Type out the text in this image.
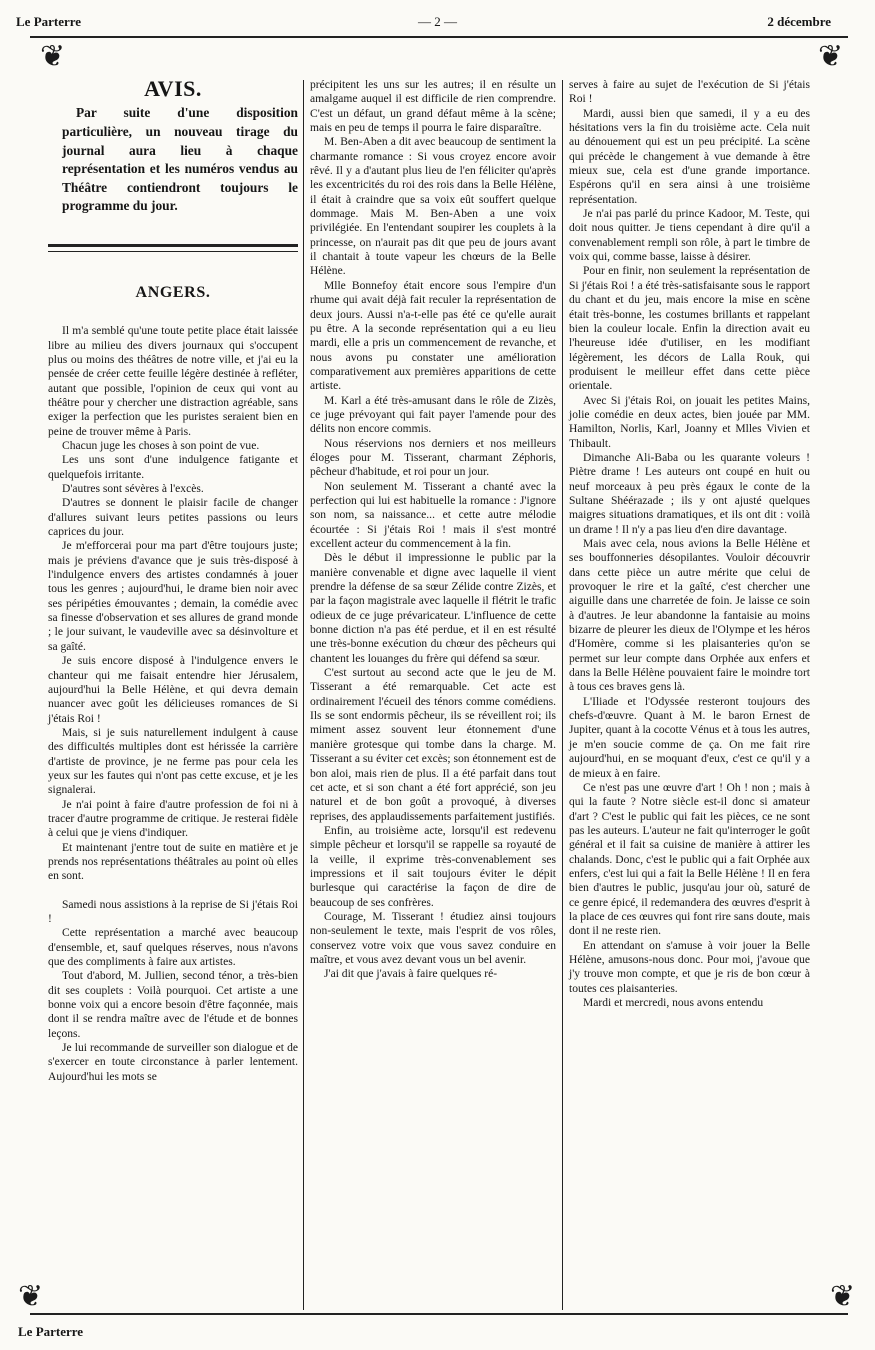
Le Parterre	— 2 —	2 décembre
❦	❦
❦	❦
AVIS.

Par suite d'une disposition particulière, un nouveau tirage du journal aura lieu à chaque représentation et les numéros vendus au Théâtre contiendront toujours le programme du jour.

ANGERS.

Il m'a semblé qu'une toute petite place était laissée libre au milieu des divers journaux qui s'occupent plus ou moins des théâtres de notre ville, et j'ai eu la pensée de créer cette feuille légère destinée à refléter, autant que possible, l'opinion de ceux qui vont au théâtre pour y chercher une distraction agréable, sans exiger la perfection que les puristes seraient bien en peine de trouver même à Paris.

Chacun juge les choses à son point de vue.

Les uns sont d'une indulgence fatigante et quelquefois irritante.

D'autres sont sévères à l'excès.

D'autres se donnent le plaisir facile de changer d'allures suivant leurs petites passions ou leurs caprices du jour.

Je m'efforcerai pour ma part d'être toujours juste; mais je préviens d'avance que je suis très-disposé à l'indulgence envers des artistes condamnés à jouer tous les genres ; aujourd'hui, le drame bien noir avec ses péripéties émouvantes ; demain, la comédie avec sa finesse d'observation et ses allures de grand monde ; le jour suivant, le vaudeville avec sa désinvolture et sa gaîté.

Je suis encore disposé à l'indulgence envers le chanteur qui me faisait entendre hier Jérusalem, aujourd'hui la Belle Hélène, et qui devra demain nuancer avec goût les délicieuses romances de Si j'étais Roi !

Mais, si je suis naturellement indulgent à cause des difficultés multiples dont est hérissée la carrière d'artiste de province, je ne ferme pas pour cela les yeux sur les fautes qui n'ont pas cette excuse, et je les signalerai.

Je n'ai point à faire d'autre profession de foi ni à tracer d'autre programme de critique. Je resterai fidèle à celui que je viens d'indiquer.

Et maintenant j'entre tout de suite en matière et je prends nos représentations théâtrales au point où elles en sont.

Samedi nous assistions à la reprise de Si j'étais Roi !

Cette représentation a marché avec beaucoup d'ensemble, et, sauf quelques réserves, nous n'avons que des compliments à faire aux artistes.

Tout d'abord, M. Jullien, second ténor, a très-bien dit ses couplets : Voilà pourquoi. Cet artiste a une bonne voix qui a encore besoin d'être façonnée, mais dont il se rendra maître avec de l'étude et de bonnes leçons.

Je lui recommande de surveiller son dialogue et de s'exercer en toute circonstance à parler lentement. Aujourd'hui les mots se

précipitent les uns sur les autres; il en résulte un amalgame auquel il est difficile de rien comprendre. C'est un défaut, un grand défaut même à la scène; mais en peu de temps il pourra le faire disparaître.

M. Ben-Aben a dit avec beaucoup de sentiment la charmante romance : Si vous croyez encore avoir rêvé. Il y a d'autant plus lieu de l'en féliciter qu'après les excentricités du roi des rois dans la Belle Hélène, il était à craindre que sa voix eût souffert quelque dommage. Mais M. Ben-Aben a une voix privilégiée. En l'entendant soupirer les couplets à la princesse, on n'aurait pas dit que peu de jours avant il chantait à toute vapeur les chœurs de la Belle Hélène.

Mlle Bonnefoy était encore sous l'empire d'un rhume qui avait déjà fait reculer la représentation de deux jours. Aussi n'a-t-elle pas été ce qu'elle aurait pu être. A la seconde représentation qui a eu lieu mardi, elle a pris un commencement de revanche, et nous avons pu constater une amélioration comparativement aux premières apparitions de cette artiste.

M. Karl a été très-amusant dans le rôle de Zizès, ce juge prévoyant qui fait payer l'amende pour des délits non encore commis.

Nous réservions nos derniers et nos meilleurs éloges pour M. Tisserant, charmant Zéphoris, pêcheur d'habitude, et roi pour un jour.

Non seulement M. Tisserant a chanté avec la perfection qui lui est habituelle la romance : J'ignore son nom, sa naissance... et cette autre mélodie écourtée : Si j'étais Roi ! mais il s'est montré excellent acteur du commencement à la fin.

Dès le début il impressionne le public par la manière convenable et digne avec laquelle il vient prendre la défense de sa sœur Zélide contre Zizès, et par la façon magistrale avec laquelle il flétrit le trafic odieux de ce juge prévaricateur. L'influence de cette bonne diction n'a pas été perdue, et il en est résulté une très-bonne exécution du chœur des pêcheurs qui chantent les louanges du frère qui défend sa sœur.

C'est surtout au second acte que le jeu de M. Tisserant a été remarquable. Cet acte est ordinairement l'écueil des ténors comme comédiens. Ils se sont endormis pêcheur, ils se réveillent roi; ils miment assez souvent leur étonnement d'une manière grotesque qui tombe dans la charge. M. Tisserant a su éviter cet excès; son étonnement est de bon aloi, mais rien de plus. Il a été parfait dans tout cet acte, et si son chant a été fort apprécié, son jeu naturel et de bon goût a provoqué, à diverses reprises, des applaudissements parfaitement justifiés.

Enfin, au troisième acte, lorsqu'il est redevenu simple pêcheur et lorsqu'il se rappelle sa royauté de la veille, il exprime très-convenablement ses impressions et il sait toujours éviter le dépit burlesque qui caractérise la façon de dire de beaucoup de ses confrères.

Courage, M. Tisserant ! étudiez ainsi toujours non-seulement le texte, mais l'esprit de vos rôles, conservez votre voix que vous savez conduire en maître, et vous avez devant vous un bel avenir.

J'ai dit que j'avais à faire quelques ré-

serves à faire au sujet de l'exécution de Si j'étais Roi !

Mardi, aussi bien que samedi, il y a eu des hésitations vers la fin du troisième acte. Cela nuit au dénouement qui est un peu précipité. La scène qui précède le changement à vue demande à être mieux sue, cela est d'une grande importance. Espérons qu'il en sera ainsi à une troisième représentation.

Je n'ai pas parlé du prince Kadoor, M. Teste, qui doit nous quitter. Je tiens cependant à dire qu'il a convenablement rempli son rôle, à part le timbre de voix qui, comme basse, laisse à désirer.

Pour en finir, non seulement la représentation de Si j'étais Roi ! a été très-satisfaisante sous le rapport du chant et du jeu, mais encore la mise en scène était très-bonne, les costumes brillants et rappelant bien la couleur locale. Enfin la direction avait eu l'heureuse idée d'utiliser, en les modifiant légèrement, les décors de Lalla Rouk, qui produisent le meilleur effet dans cette pièce orientale.

Avec Si j'étais Roi, on jouait les petites Mains, jolie comédie en deux actes, bien jouée par MM. Hamilton, Norlis, Karl, Joanny et Mlles Vivien et Thibault.

Dimanche Ali-Baba ou les quarante voleurs ! Piètre drame ! Les auteurs ont coupé en huit ou neuf morceaux à peu près égaux le conte de la Sultane Shéérazade ; ils y ont ajusté quelques maigres situations dramatiques, et ils ont dit : voilà un drame ! Il n'y a pas lieu d'en dire davantage.

Mais avec cela, nous avions la Belle Hélène et ses bouffonneries désopilantes. Vouloir découvrir dans cette pièce un autre mérite que celui de provoquer le rire et la gaîté, c'est chercher une aiguille dans une charretée de foin. Je laisse ce soin à d'autres. Je leur abandonne la fantaisie au moins bizarre de pleurer les dieux de l'Olympe et les héros d'Homère, comme si les plaisanteries qu'on se permet sur leur compte dans Orphée aux enfers et dans la Belle Hélène pouvaient faire le moindre tort à tous ces braves gens là.

L'Iliade et l'Odyssée resteront toujours des chefs-d'œuvre. Quant à M. le baron Ernest de Jupiter, quant à la cocotte Vénus et à tous les autres, je m'en soucie comme de ça. On me fait rire aujourd'hui, en se moquant d'eux, c'est ce qu'il y a de mieux à en faire.

Ce n'est pas une œuvre d'art ! Oh ! non ; mais à qui la faute ? Notre siècle est-il donc si amateur d'art ? C'est le public qui fait les pièces, ce ne sont pas les auteurs. L'auteur ne fait qu'interroger le goût général et il fait sa cuisine de manière à attirer les chalands. Donc, c'est le public qui a fait Orphée aux enfers, c'est lui qui a fait la Belle Hélène ! Il en fera bien d'autres le public, jusqu'au jour où, saturé de ce genre épicé, il redemandera des œuvres d'esprit à la place de ces œuvres qui font rire sans doute, mais dont il ne reste rien.

En attendant on s'amuse à voir jouer la Belle Hélène, amusons-nous donc. Pour moi, j'avoue que j'y trouve mon compte, et que je ris de bon cœur à toutes ces plaisanteries.

Mardi et mercredi, nous avons entendu

Le Parterre
